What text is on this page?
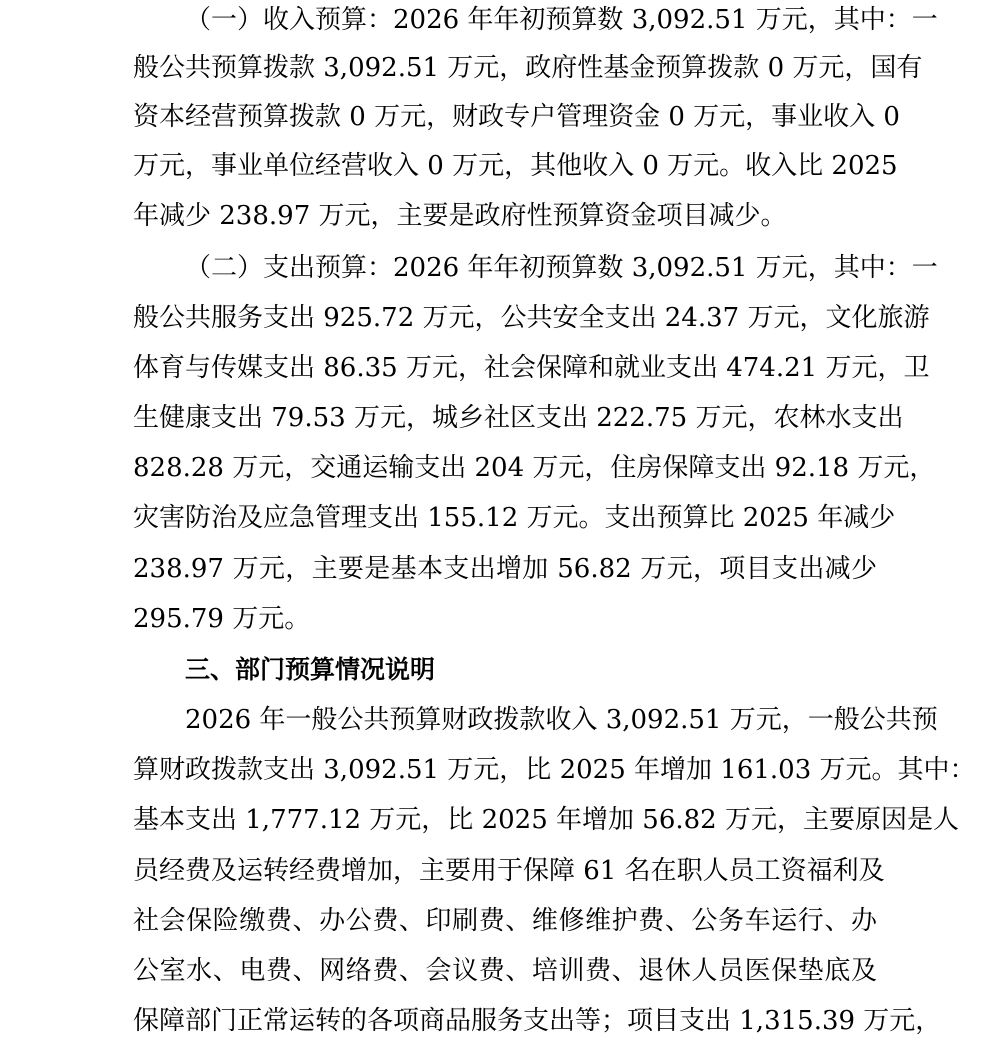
（一）收入预算：2026 年年初预算数 3,092.51 万元，其中：一
般公共预算拨款 3,092.51 万元，政府性基金预算拨款 0 万元，国有
资本经营预算拨款 0 万元，财政专户管理资金 0 万元，事业收入 0
万元，事业单位经营收入 0 万元，其他收入 0 万元。收入比 2025
年减少 238.97 万元，主要是政府性预算资金项目减少。
（二）支出预算：2026 年年初预算数 3,092.51 万元，其中：一
般公共服务支出 925.72 万元，公共安全支出 24.37 万元，文化旅游
体育与传媒支出 86.35 万元，社会保障和就业支出 474.21 万元，卫
生健康支出 79.53 万元，城乡社区支出 222.75 万元，农林水支出
828.28 万元，交通运输支出 204 万元，住房保障支出 92.18 万元，
灾害防治及应急管理支出 155.12 万元。支出预算比 2025 年减少
238.97 万元，主要是基本支出增加 56.82 万元，项目支出减少
295.79 万元。
三、部门预算情况说明
2026 年一般公共预算财政拨款收入 3,092.51 万元，一般公共预
算财政拨款支出 3,092.51 万元，比 2025 年增加 161.03 万元。其中：
基本支出 1,777.12 万元，比 2025 年增加 56.82 万元，主要原因是人
员经费及运转经费增加，主要用于保障 61 名在职人员工资福利及
社会保险缴费、办公费、印刷费、维修维护费、公务车运行、办
公室水、电费、网络费、会议费、培训费、退休人员医保垫底及
保障部门正常运转的各项商品服务支出等；项目支出 1,315.39 万元，
